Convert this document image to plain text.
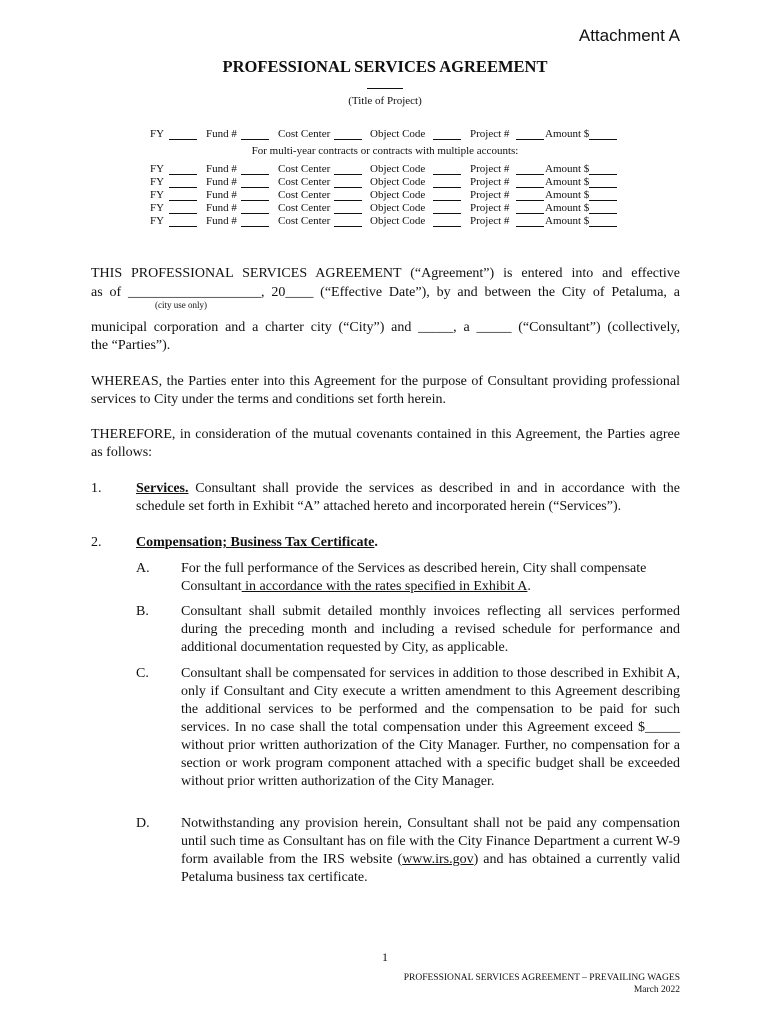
Attachment A
PROFESSIONAL SERVICES AGREEMENT
(Title of Project)
FY	Fund #	Cost Center	Object Code	Project #	Amount $
For multi-year contracts or contracts with multiple accounts:
FY	Fund #	Cost Center	Object Code	Project #	Amount $
FY	Fund #	Cost Center	Object Code	Project #	Amount $
FY	Fund #	Cost Center	Object Code	Project #	Amount $
FY	Fund #	Cost Center	Object Code	Project #	Amount $
FY	Fund #	Cost Center	Object Code	Project #	Amount $
THIS PROFESSIONAL SERVICES AGREEMENT (“Agreement”) is entered into and effective
as of ___________________, 20____ (“Effective Date”), by and between the City of Petaluma, a
(city use only)
municipal corporation and a charter city (“City”) and _____, a _____ (“Consultant”) (collectively,
the “Parties”).
WHEREAS, the Parties enter into this Agreement for the purpose of Consultant providing professional services to City under the terms and conditions set forth herein.
THEREFORE, in consideration of the mutual covenants contained in this Agreement, the Parties agree as follows:
1. Services. Consultant shall provide the services as described in and in accordance with the schedule set forth in Exhibit “A” attached hereto and incorporated herein (“Services”).
2. Compensation; Business Tax Certificate.
A. For the full performance of the Services as described herein, City shall compensate Consultant in accordance with the rates specified in Exhibit A.
B. Consultant shall submit detailed monthly invoices reflecting all services performed during the preceding month and including a revised schedule for performance and additional documentation requested by City, as applicable.
C. Consultant shall be compensated for services in addition to those described in Exhibit A, only if Consultant and City execute a written amendment to this Agreement describing the additional services to be performed and the compensation to be paid for such services. In no case shall the total compensation under this Agreement exceed $_____ without prior written authorization of the City Manager. Further, no compensation for a section or work program component attached with a specific budget shall be exceeded without prior written authorization of the City Manager.
D. Notwithstanding any provision herein, Consultant shall not be paid any compensation until such time as Consultant has on file with the City Finance Department a current W-9 form available from the IRS website (www.irs.gov) and has obtained a currently valid Petaluma business tax certificate.
1
PROFESSIONAL SERVICES AGREEMENT – PREVAILING WAGES
March 2022
